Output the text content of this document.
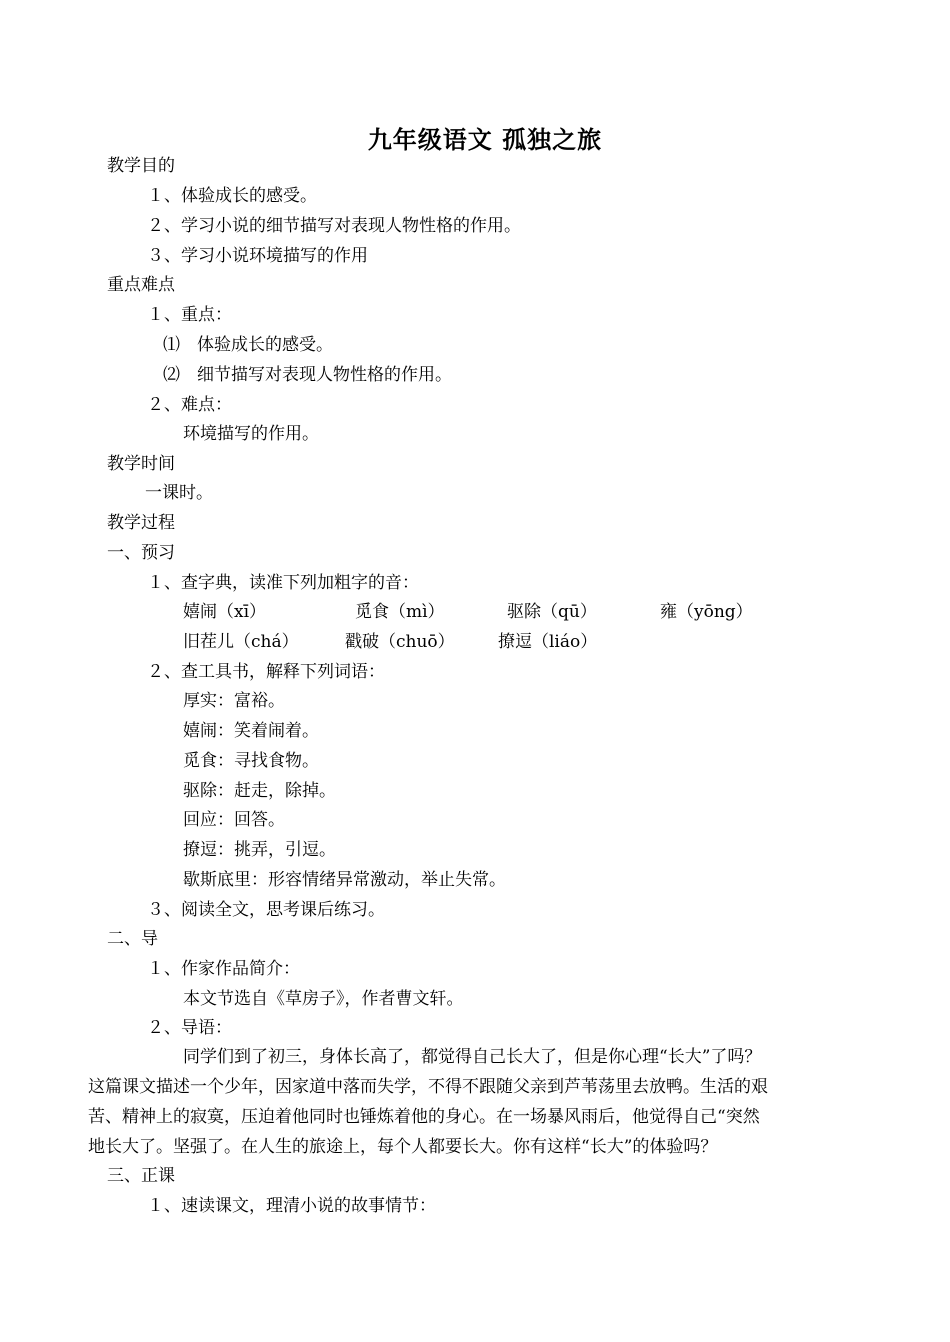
九年级语文 孤独之旅
教学目的
１、体验成长的感受。
２、学习小说的细节描写对表现人物性格的作用。
３、学习小说环境描写的作用
重点难点
１、重点：
⑴　体验成长的感受。
⑵　细节描写对表现人物性格的作用。
２、难点：
环境描写的作用。
教学时间
一课时。
教学过程
一、预习
１、查字典，读准下列加粗字的音：
嬉闹（xī）	觅食（mì）	驱除（qū）	雍（yōng）
旧茬儿（chá）	戳破（chuō）	撩逗（liáo）
２、查工具书，解释下列词语：
厚实：富裕。
嬉闹：笑着闹着。
觅食：寻找食物。
驱除：赶走，除掉。
回应：回答。
撩逗：挑弄，引逗。
歇斯底里：形容情绪异常激动，举止失常。
３、阅读全文，思考课后练习。
二、导
１、作家作品简介：
本文节选自《草房子》，作者曹文轩。
２、导语：
同学们到了初三，身体长高了，都觉得自己长大了，但是你心理“长大”了吗？
这篇课文描述一个少年，因家道中落而失学，不得不跟随父亲到芦苇荡里去放鸭。生活的艰
苦、精神上的寂寞，压迫着他同时也锤炼着他的身心。在一场暴风雨后，他觉得自己“突然
地长大了。坚强了。在人生的旅途上，每个人都要长大。你有这样“长大”的体验吗？
三、正课
１、速读课文，理清小说的故事情节：
